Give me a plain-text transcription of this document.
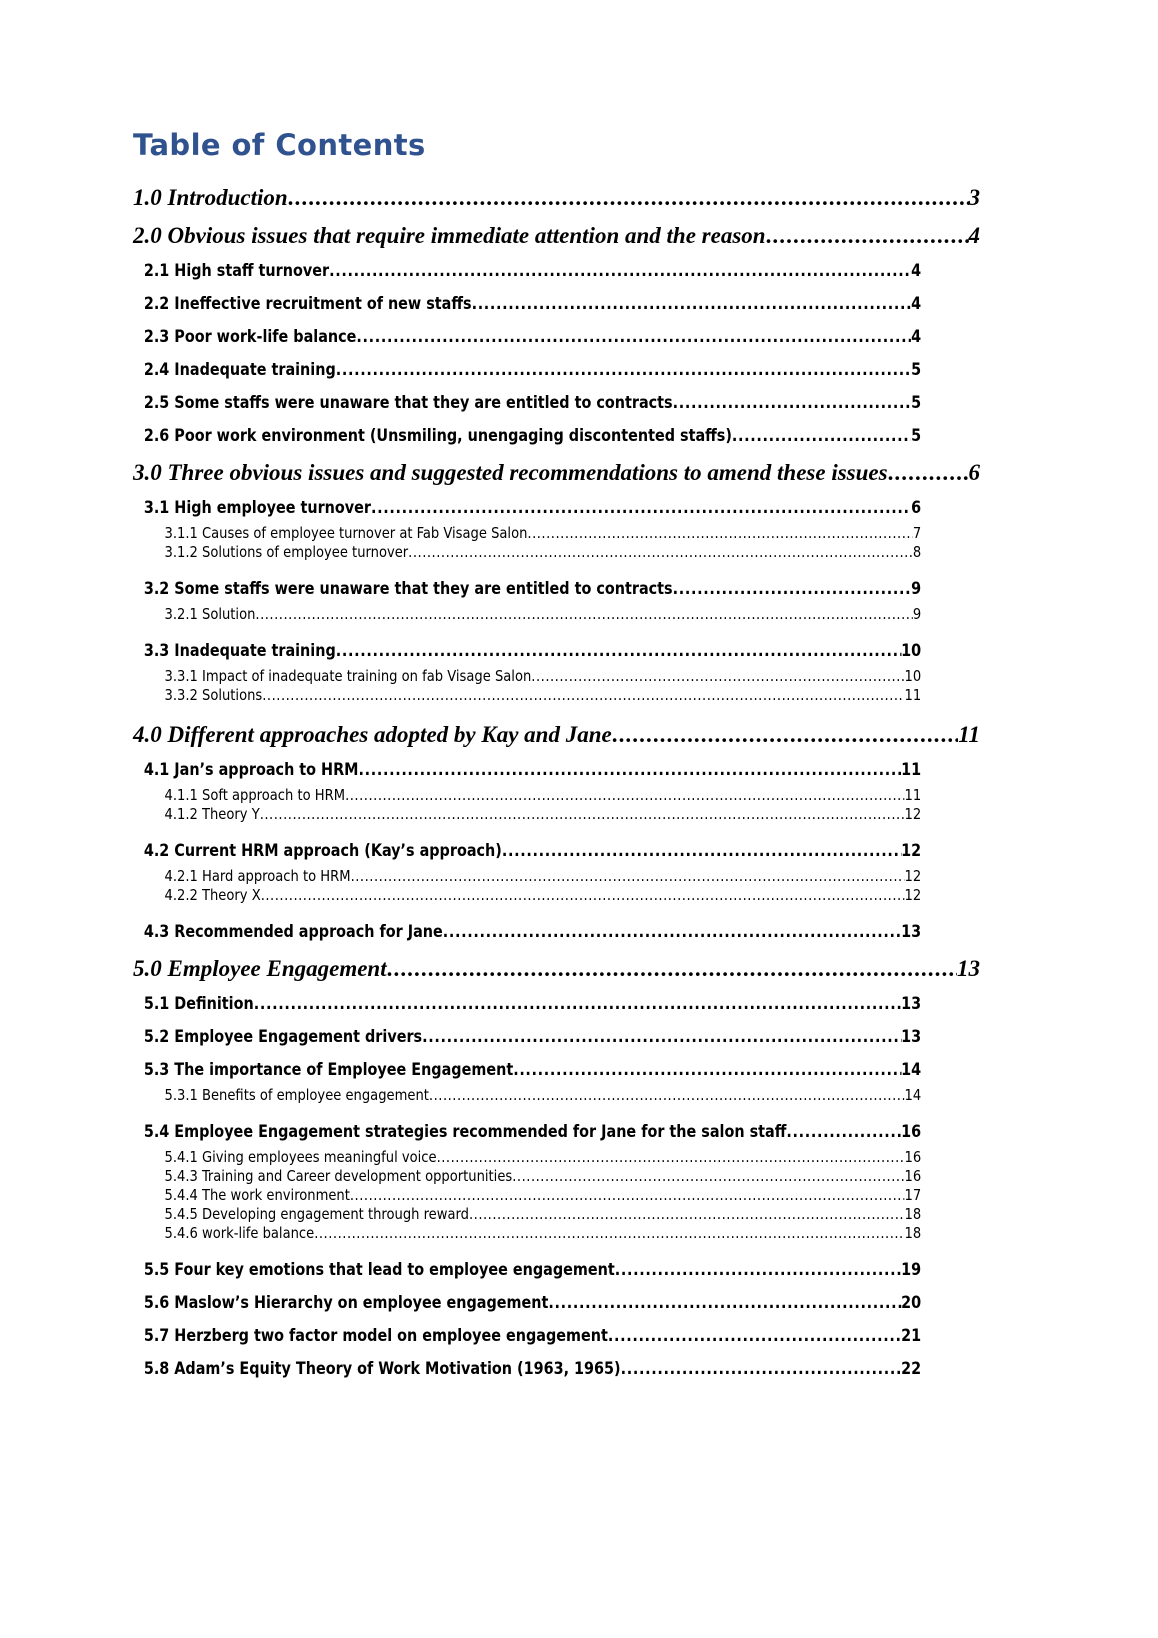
Table of Contents
1.0 Introduction .....	3
2.0 Obvious issues that require immediate attention and the reason .....	4
2.1 High staff turnover .....	4
2.2 Ineffective recruitment of new staffs .....	4
2.3 Poor work-life balance .....	4
2.4 Inadequate training .....	5
2.5 Some staffs were unaware that they are entitled to contracts .....	5
2.6 Poor work environment (Unsmiling, unengaging discontented staffs) .....	5
3.0 Three obvious issues and suggested recommendations to amend these issues .....	6
3.1 High employee turnover .....	6
3.1.1 Causes of employee turnover at Fab Visage Salon .....	7
3.1.2 Solutions of employee turnover .....	8
3.2 Some staffs were unaware that they are entitled to contracts .....	9
3.2.1 Solution .....	9
3.3 Inadequate training .....	10
3.3.1 Impact of inadequate training on fab Visage Salon .....	10
3.3.2 Solutions .....	11
4.0 Different approaches adopted by Kay and Jane .....	11
4.1 Jan’s approach to HRM .....	11
4.1.1 Soft approach to HRM .....	11
4.1.2 Theory Y .....	12
4.2 Current HRM approach (Kay’s approach) .....	12
4.2.1 Hard approach to HRM .....	12
4.2.2 Theory X .....	12
4.3 Recommended approach for Jane .....	13
5.0 Employee Engagement .....	13
5.1 Definition .....	13
5.2 Employee Engagement drivers .....	13
5.3 The importance of Employee Engagement .....	14
5.3.1 Benefits of employee engagement .....	14
5.4 Employee Engagement strategies recommended for Jane for the salon staff .....	16
5.4.1 Giving employees meaningful voice .....	16
5.4.3 Training and Career development opportunities .....	16
5.4.4 The work environment .....	17
5.4.5 Developing engagement through reward .....	18
5.4.6 work-life balance .....	18
5.5 Four key emotions that lead to employee engagement .....	19
5.6 Maslow’s Hierarchy on employee engagement .....	20
5.7 Herzberg two factor model on employee engagement .....	21
5.8 Adam’s Equity Theory of Work Motivation (1963, 1965) .....	22
